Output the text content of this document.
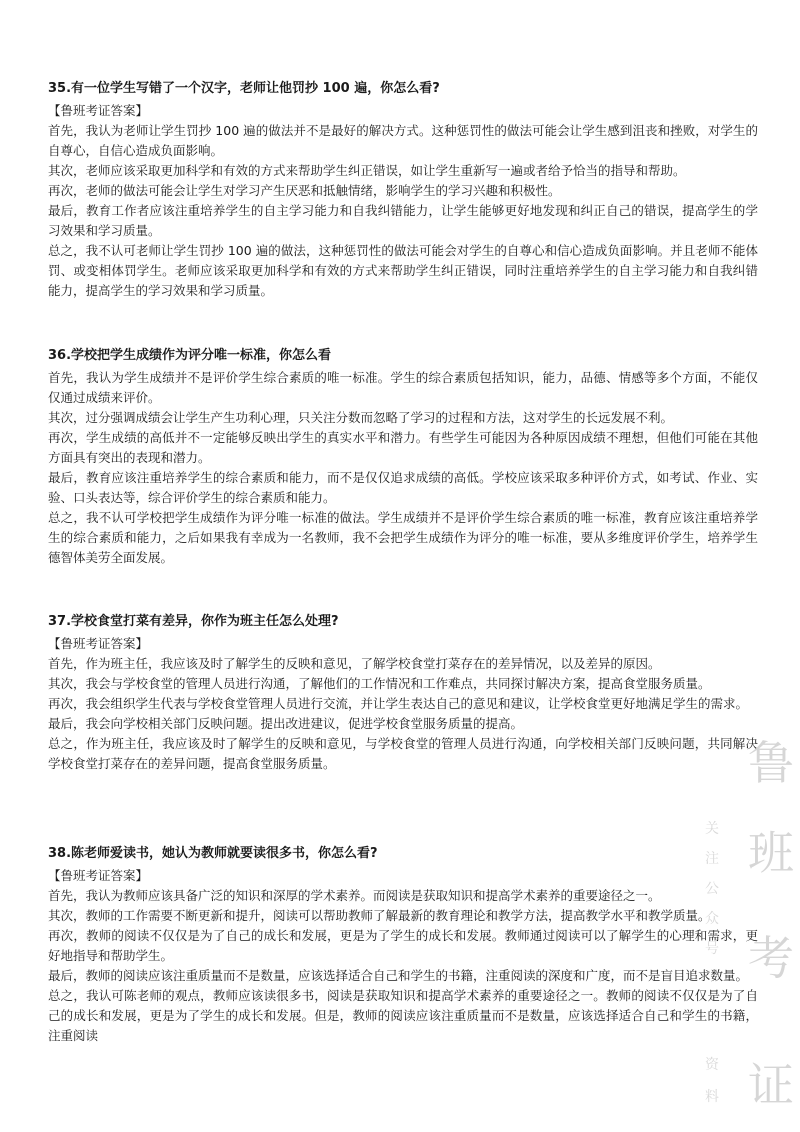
35.有一位学生写错了一个汉字，老师让他罚抄 100 遍，你怎么看?
【鲁班考证答案】

首先，我认为老师让学生罚抄 100 遍的做法并不是最好的解决方式。这种惩罚性的做法可能会让学生感到沮丧和挫败，对学生的自尊心，自信心造成负面影响。

其次，老师应该采取更加科学和有效的方式来帮助学生纠正错误，如让学生重新写一遍或者给予恰当的指导和帮助。

再次，老师的做法可能会让学生对学习产生厌恶和抵触情绪，影响学生的学习兴趣和积极性。

最后，教育工作者应该注重培养学生的自主学习能力和自我纠错能力，让学生能够更好地发现和纠正自己的错误，提高学生的学习效果和学习质量。

总之，我不认可老师让学生罚抄 100 遍的做法，这种惩罚性的做法可能会对学生的自尊心和信心造成负面影响。并且老师不能体罚、或变相体罚学生。老师应该采取更加科学和有效的方式来帮助学生纠正错误，同时注重培养学生的自主学习能力和自我纠错能力，提高学生的学习效果和学习质量。

36.学校把学生成绩作为评分唯一标准，你怎么看

首先，我认为学生成绩并不是评价学生综合素质的唯一标准。学生的综合素质包括知识，能力，品德、情感等多个方面，不能仅仅通过成绩来评价。

其次，过分强调成绩会让学生产生功利心理，只关注分数而忽略了学习的过程和方法，这对学生的长远发展不利。

再次，学生成绩的高低并不一定能够反映出学生的真实水平和潜力。有些学生可能因为各种原因成绩不理想，但他们可能在其他方面具有突出的表现和潜力。

最后，教育应该注重培养学生的综合素质和能力，而不是仅仅追求成绩的高低。学校应该采取多种评价方式，如考试、作业、实验、口头表达等，综合评价学生的综合素质和能力。

总之，我不认可学校把学生成绩作为评分唯一标准的做法。学生成绩并不是评价学生综合素质的唯一标准，教育应该注重培养学生的综合素质和能力，之后如果我有幸成为一名教师，我不会把学生成绩作为评分的唯一标准，要从多维度评价学生，培养学生德智体美劳全面发展。

37.学校食堂打菜有差异，你作为班主任怎么处理?
【鲁班考证答案】

首先，作为班主任，我应该及时了解学生的反映和意见，了解学校食堂打菜存在的差异情况，以及差异的原因。

其次，我会与学校食堂的管理人员进行沟通，了解他们的工作情况和工作难点，共同探讨解决方案，提高食堂服务质量。

再次，我会组织学生代表与学校食堂管理人员进行交流，并让学生表达自己的意见和建议，让学校食堂更好地满足学生的需求。

最后，我会向学校相关部门反映问题。提出改进建议，促进学校食堂服务质量的提高。

总之，作为班主任，我应该及时了解学生的反映和意见，与学校食堂的管理人员进行沟通，向学校相关部门反映问题，共同解决学校食堂打菜存在的差异问题，提高食堂服务质量。

38.陈老师爱读书，她认为教师就要读很多书，你怎么看?
【鲁班考证答案】

首先，我认为教师应该具备广泛的知识和深厚的学术素养。而阅读是获取知识和提高学术素养的重要途径之一。

其次，教师的工作需要不断更新和提升，阅读可以帮助教师了解最新的教育理论和教学方法，提高教学水平和教学质量。

再次，教师的阅读不仅仅是为了自己的成长和发展，更是为了学生的成长和发展。教师通过阅读可以了解学生的心理和需求，更好地指导和帮助学生。

最后，教师的阅读应该注重质量而不是数量，应该选择适合自己和学生的书籍，注重阅读的深度和广度，而不是盲目追求数量。

总之，我认可陈老师的观点，教师应该读很多书，阅读是获取知识和提高学术素养的重要途径之一。教师的阅读不仅仅是为了自己的成长和发展，更是为了学生的成长和发展。但是，教师的阅读应该注重质量而不是数量，应该选择适合自己和学生的书籍，注重阅读

鲁
班
考
证
关
注
公
众
号
资
料
